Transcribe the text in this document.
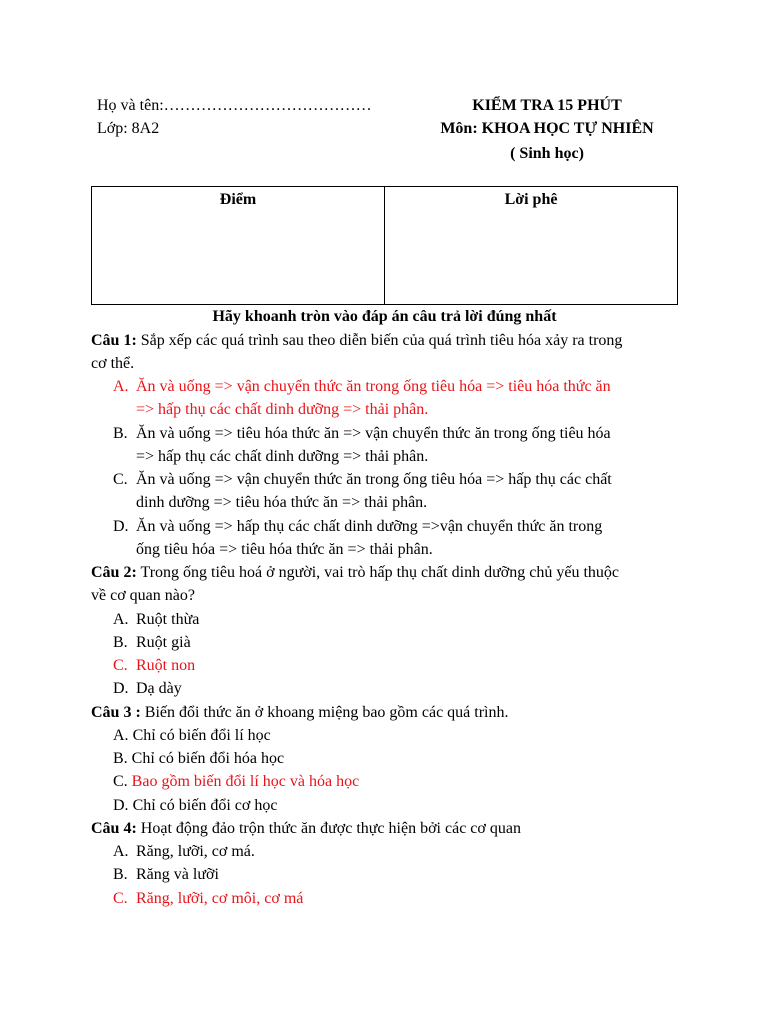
Họ và tên:…………………………………
Lớp: 8A2
KIỂM TRA 15 PHÚT
Môn: KHOA HỌC TỰ NHIÊN
( Sinh học)
Điểm	Lời phê
Hãy khoanh tròn vào đáp án câu trả lời đúng nhất
Câu 1: Sắp xếp các quá trình sau theo diễn biến của quá trình tiêu hóa xảy ra trong
cơ thể.
A. Ăn và uống => vận chuyển thức ăn trong ống tiêu hóa => tiêu hóa thức ăn
=> hấp thụ các chất dinh dưỡng => thải phân.
B. Ăn và uống => tiêu hóa thức ăn => vận chuyển thức ăn trong ống tiêu hóa
=> hấp thụ các chất dinh dưỡng => thải phân.
C. Ăn và uống => vận chuyển thức ăn trong ống tiêu hóa => hấp thụ các chất
dinh dưỡng => tiêu hóa thức ăn => thải phân.
D. Ăn và uống => hấp thụ các chất dinh dưỡng =>vận chuyển thức ăn trong
ống tiêu hóa => tiêu hóa thức ăn => thải phân.
Câu 2: Trong ống tiêu hoá ở người, vai trò hấp thụ chất dinh dưỡng chủ yếu thuộc
về cơ quan nào?
A. Ruột thừa
B. Ruột già
C. Ruột non
D. Dạ dày
Câu 3 : Biến đổi thức ăn ở khoang miệng bao gồm các quá trình.
A. Chỉ có biến đổi lí học
B. Chỉ có biến đổi hóa học
C. Bao gồm biến đổi lí học và hóa học
D. Chỉ có biến đổi cơ học
Câu 4: Hoạt động đảo trộn thức ăn được thực hiện bởi các cơ quan
A. Răng, lưỡi, cơ má.
B. Răng và lưỡi
C. Răng, lưỡi, cơ môi, cơ má
